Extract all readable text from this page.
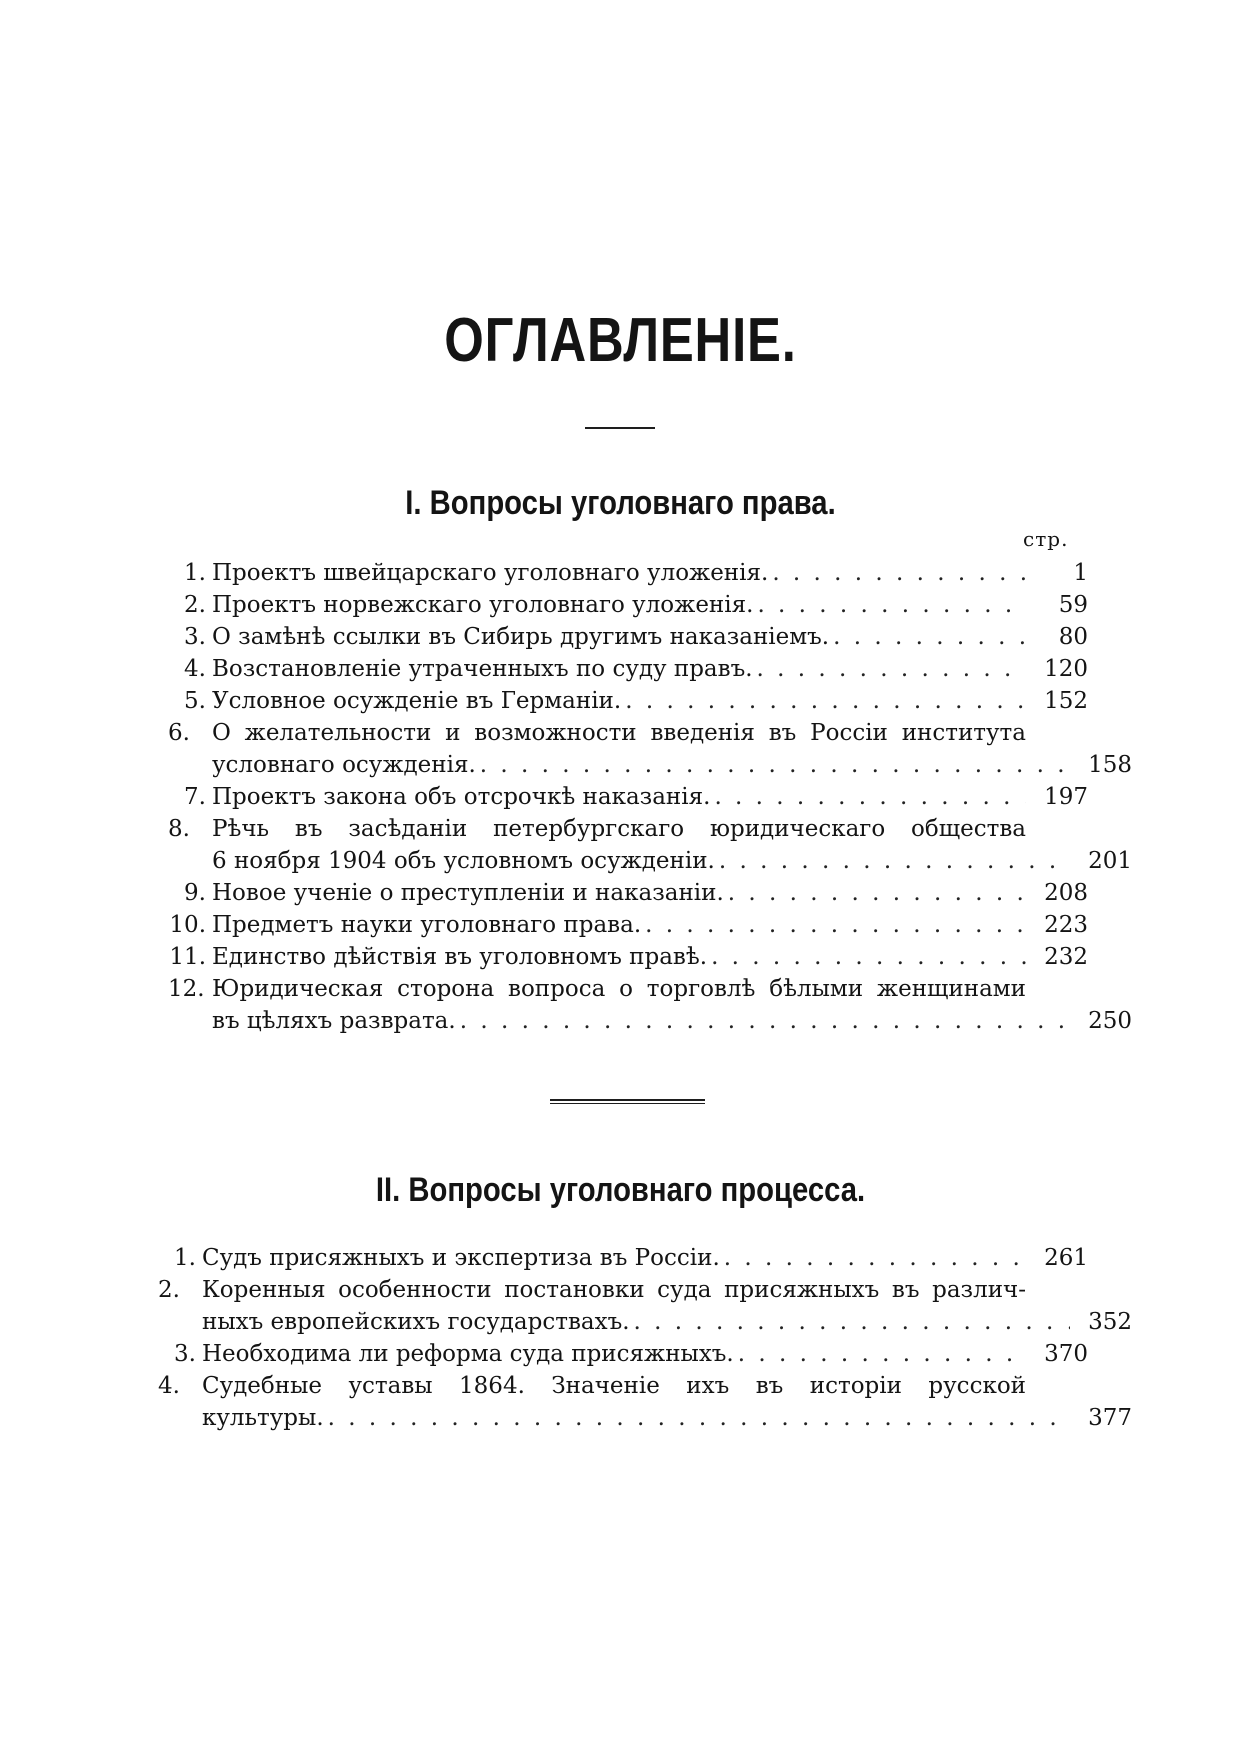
ОГЛАВЛЕНІЕ.
I. Вопросы уголовнаго права.
стр.
1. Проектъ швейцарскаго уголовнаго уложенія. . . .	1
2. Проектъ норвежскаго уголовнаго уложенія. . . .	59
3. О замѣнѣ ссылки въ Сибирь другимъ наказаніемъ. . . .	80
4. Возстановленіе утраченныхъ по суду правъ. . . .	120
5. Условное осужденіе въ Германіи. . . .	152
6. О желательности и возможности введенія въ Россіи института
условнаго осужденія. . . .	158
7. Проектъ закона объ отсрочкѣ наказанія. . . .	197
8. Рѣчь въ засѣданіи петербургскаго юридическаго общества
6 ноября 1904 объ условномъ осужденіи. . . .	201
9. Новое ученіе о преступленіи и наказаніи. . . .	208
10. Предметъ науки уголовнаго права. . . .	223
11. Единство дѣйствія въ уголовномъ правѣ. . . .	232
12. Юридическая сторона вопроса о торговлѣ бѣлыми женщинами
въ цѣляхъ разврата. . . .	250
II. Вопросы уголовнаго процесса.
1. Судъ присяжныхъ и экспертиза въ Россіи. . . .	261
2. Коренныя особенности постановки суда присяжныхъ въ различ-
ныхъ европейскихъ государствахъ. . . .	352
3. Необходима ли реформа суда присяжныхъ. . . .	370
4. Судебные уставы 1864. Значеніе ихъ въ исторіи русской
культуры. . . .	377
